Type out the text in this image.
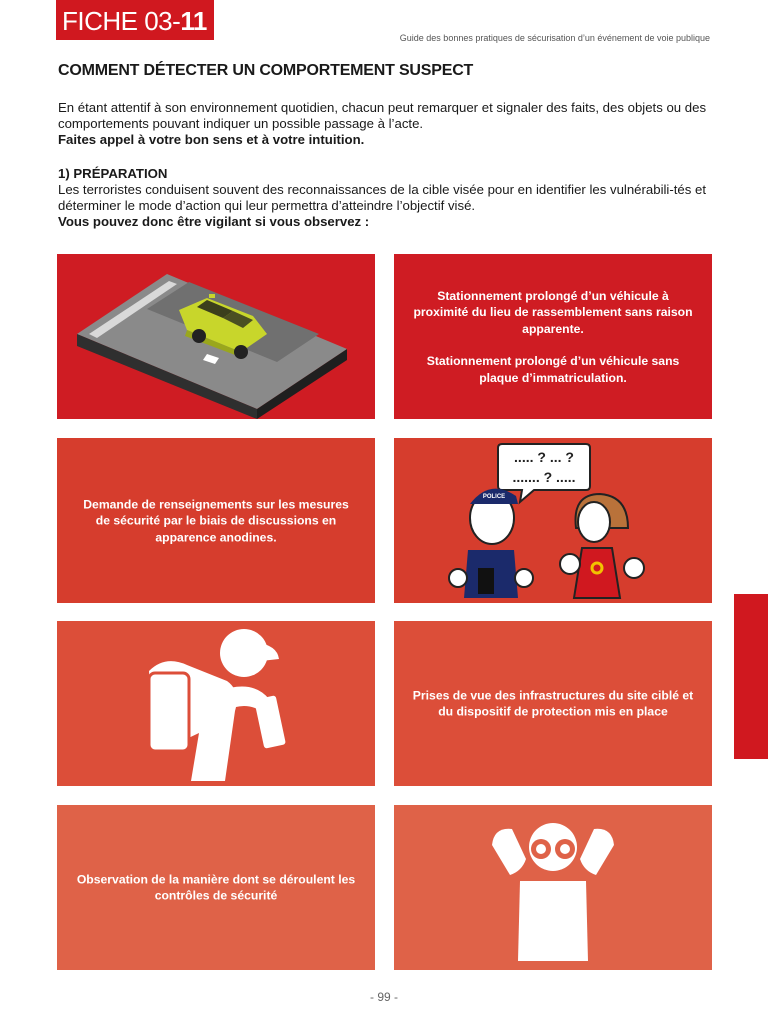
FICHE 03-11
Guide des bonnes pratiques de sécurisation d’un événement de voie publique
COMMENT DÉTECTER UN COMPORTEMENT SUSPECT
En étant attentif à son environnement quotidien, chacun peut remarquer et signaler des faits, des objets ou des comportements pouvant indiquer un possible passage à l’acte.
Faites appel à votre bon sens et à votre intuition.
1) PRÉPARATION
Les terroristes conduisent souvent des reconnaissances de la cible visée pour en identifier les vulnérabili-tés et déterminer le mode d’action qui leur permettra d’atteindre l’objectif visé.
Vous pouvez donc être vigilant si vous observez :

Stationnement prolongé d’un véhicule à proximité du lieu de rassemblement sans raison apparente.

Stationnement prolongé d’un véhicule sans plaque d’immatriculation.

Demande de renseignements sur les mesures de sécurité par le biais de discussions en apparence anodines.
..... ? ... ?
....... ? .....
POLICE
Prises de vue des infrastructures du site ciblé et du dispositif de protection mis en place
Observation de la manière dont se déroulent les contrôles de sécurité
- 99 -
